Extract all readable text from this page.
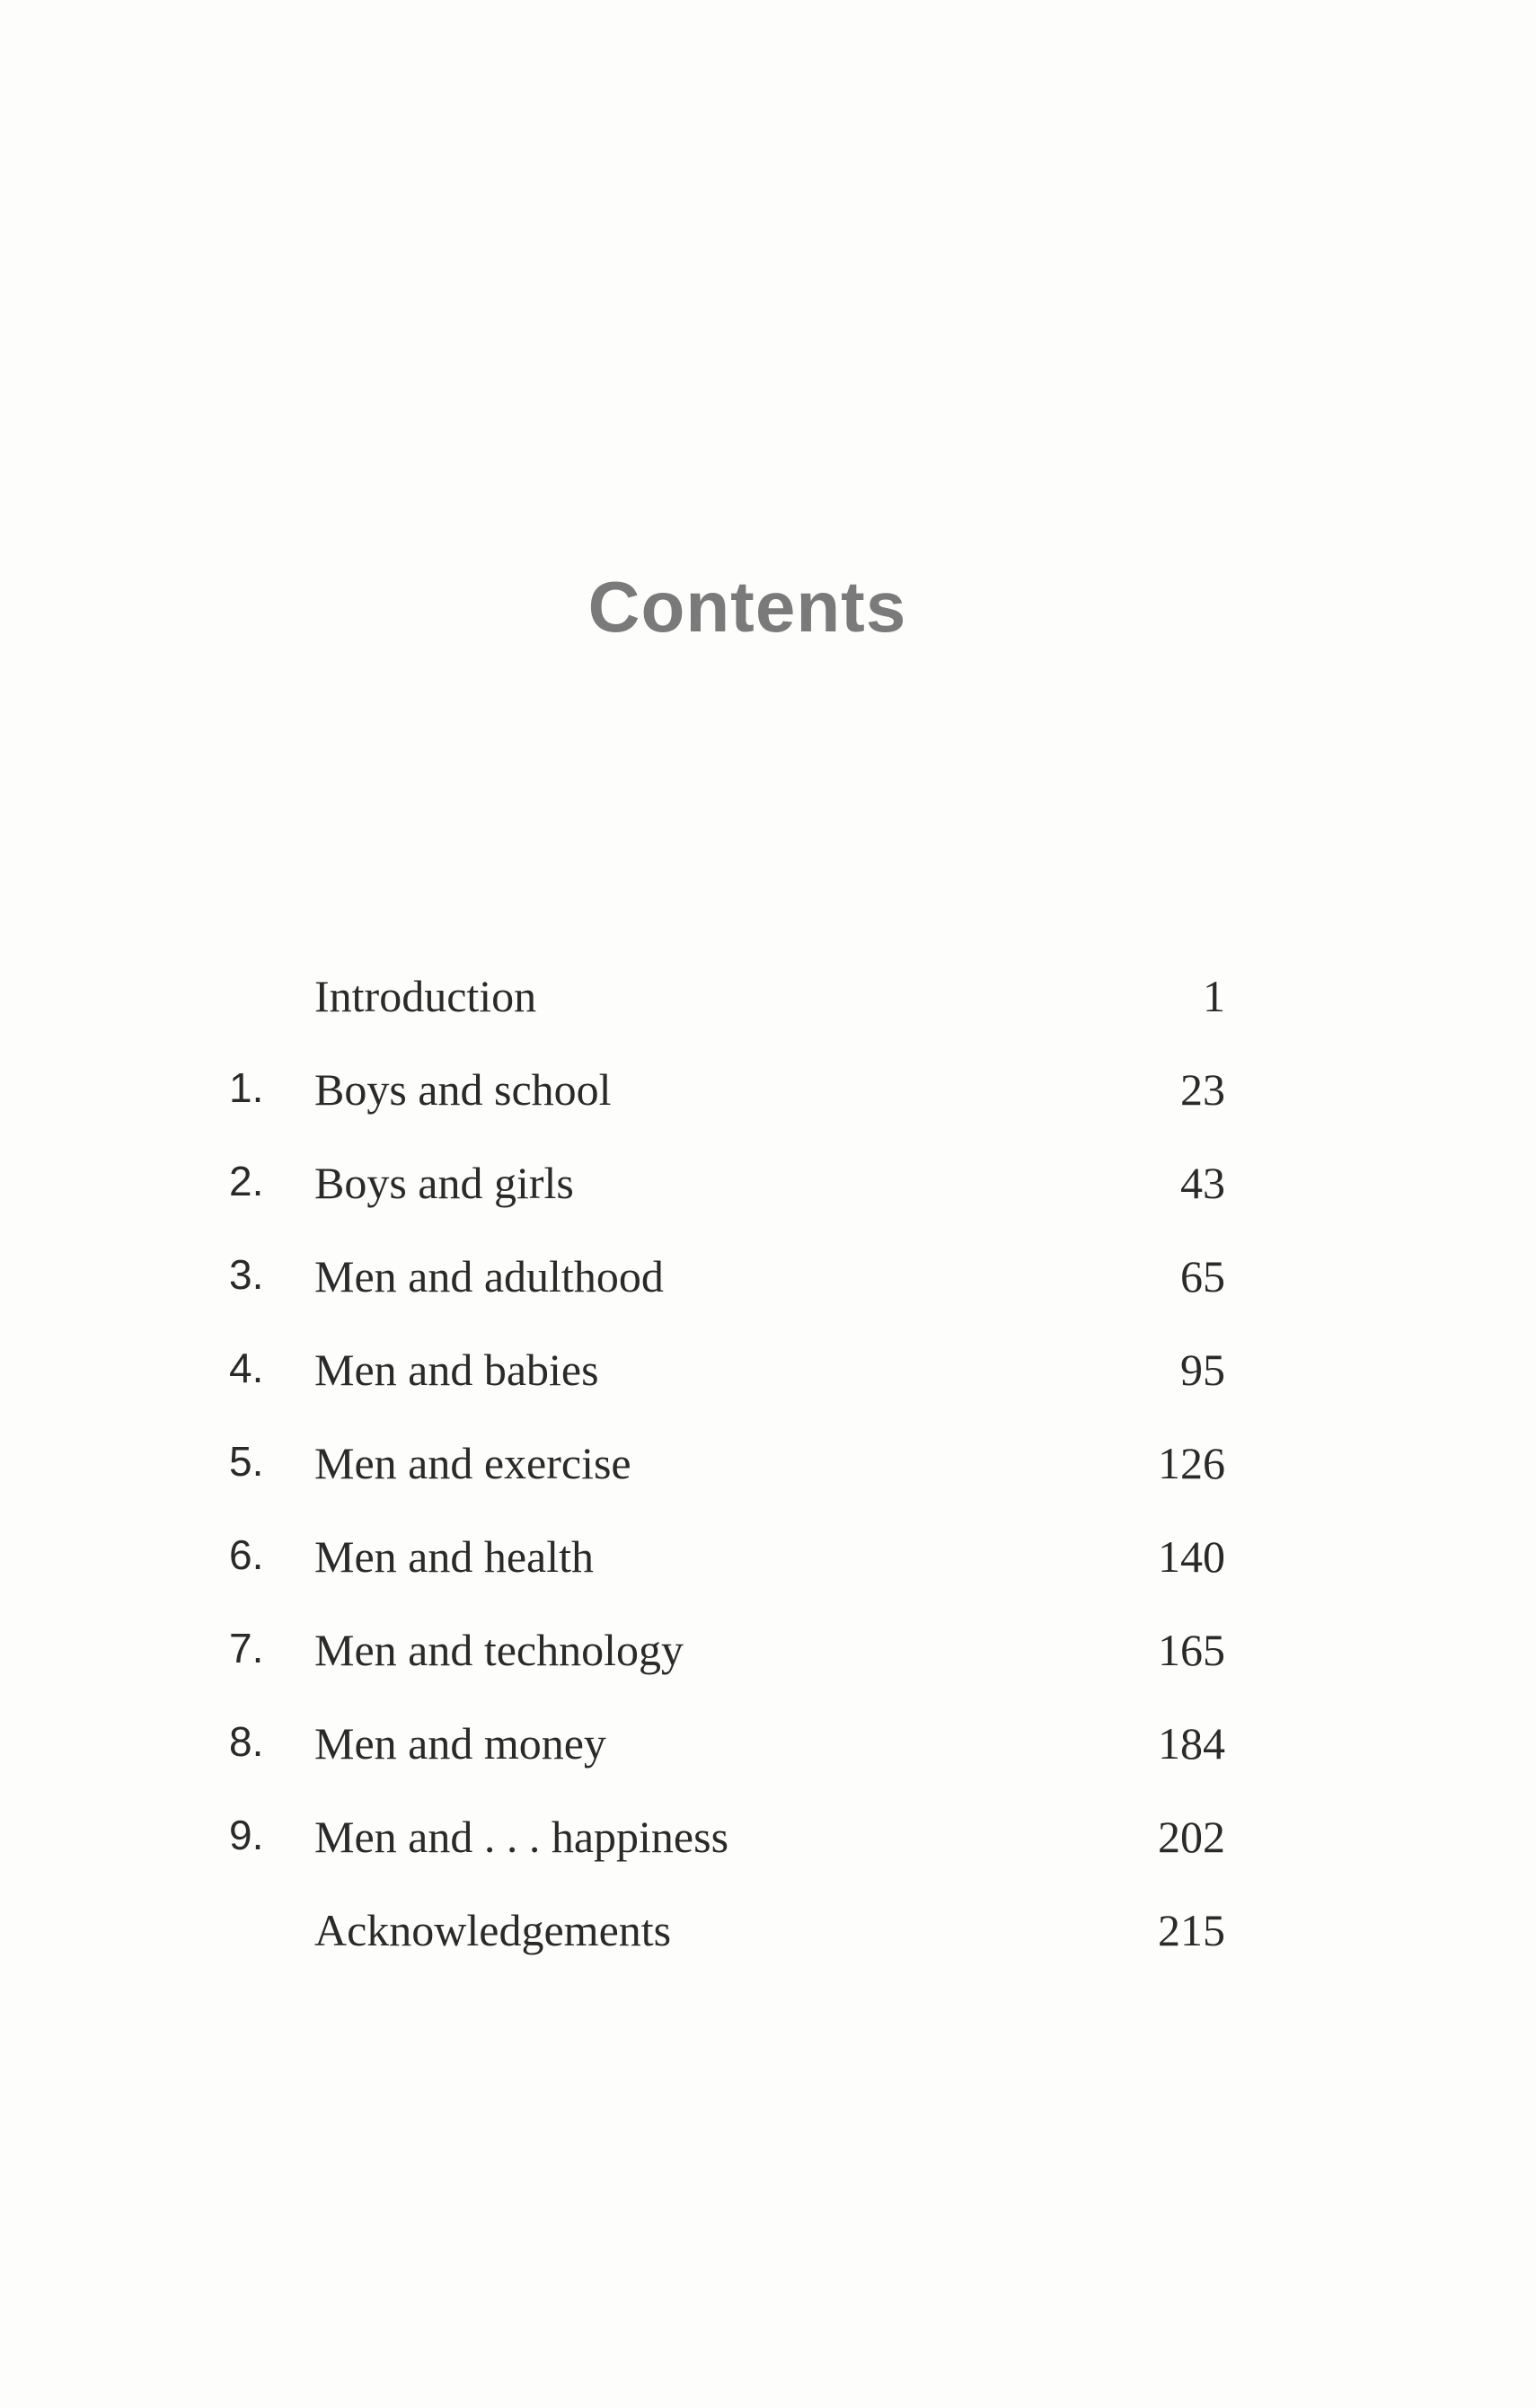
Contents
Introduction	1
1. Boys and school	23
2. Boys and girls	43
3. Men and adulthood	65
4. Men and babies	95
5. Men and exercise	126
6. Men and health	140
7. Men and technology	165
8. Men and money	184
9. Men and . . . happiness	202
Acknowledgements	215
